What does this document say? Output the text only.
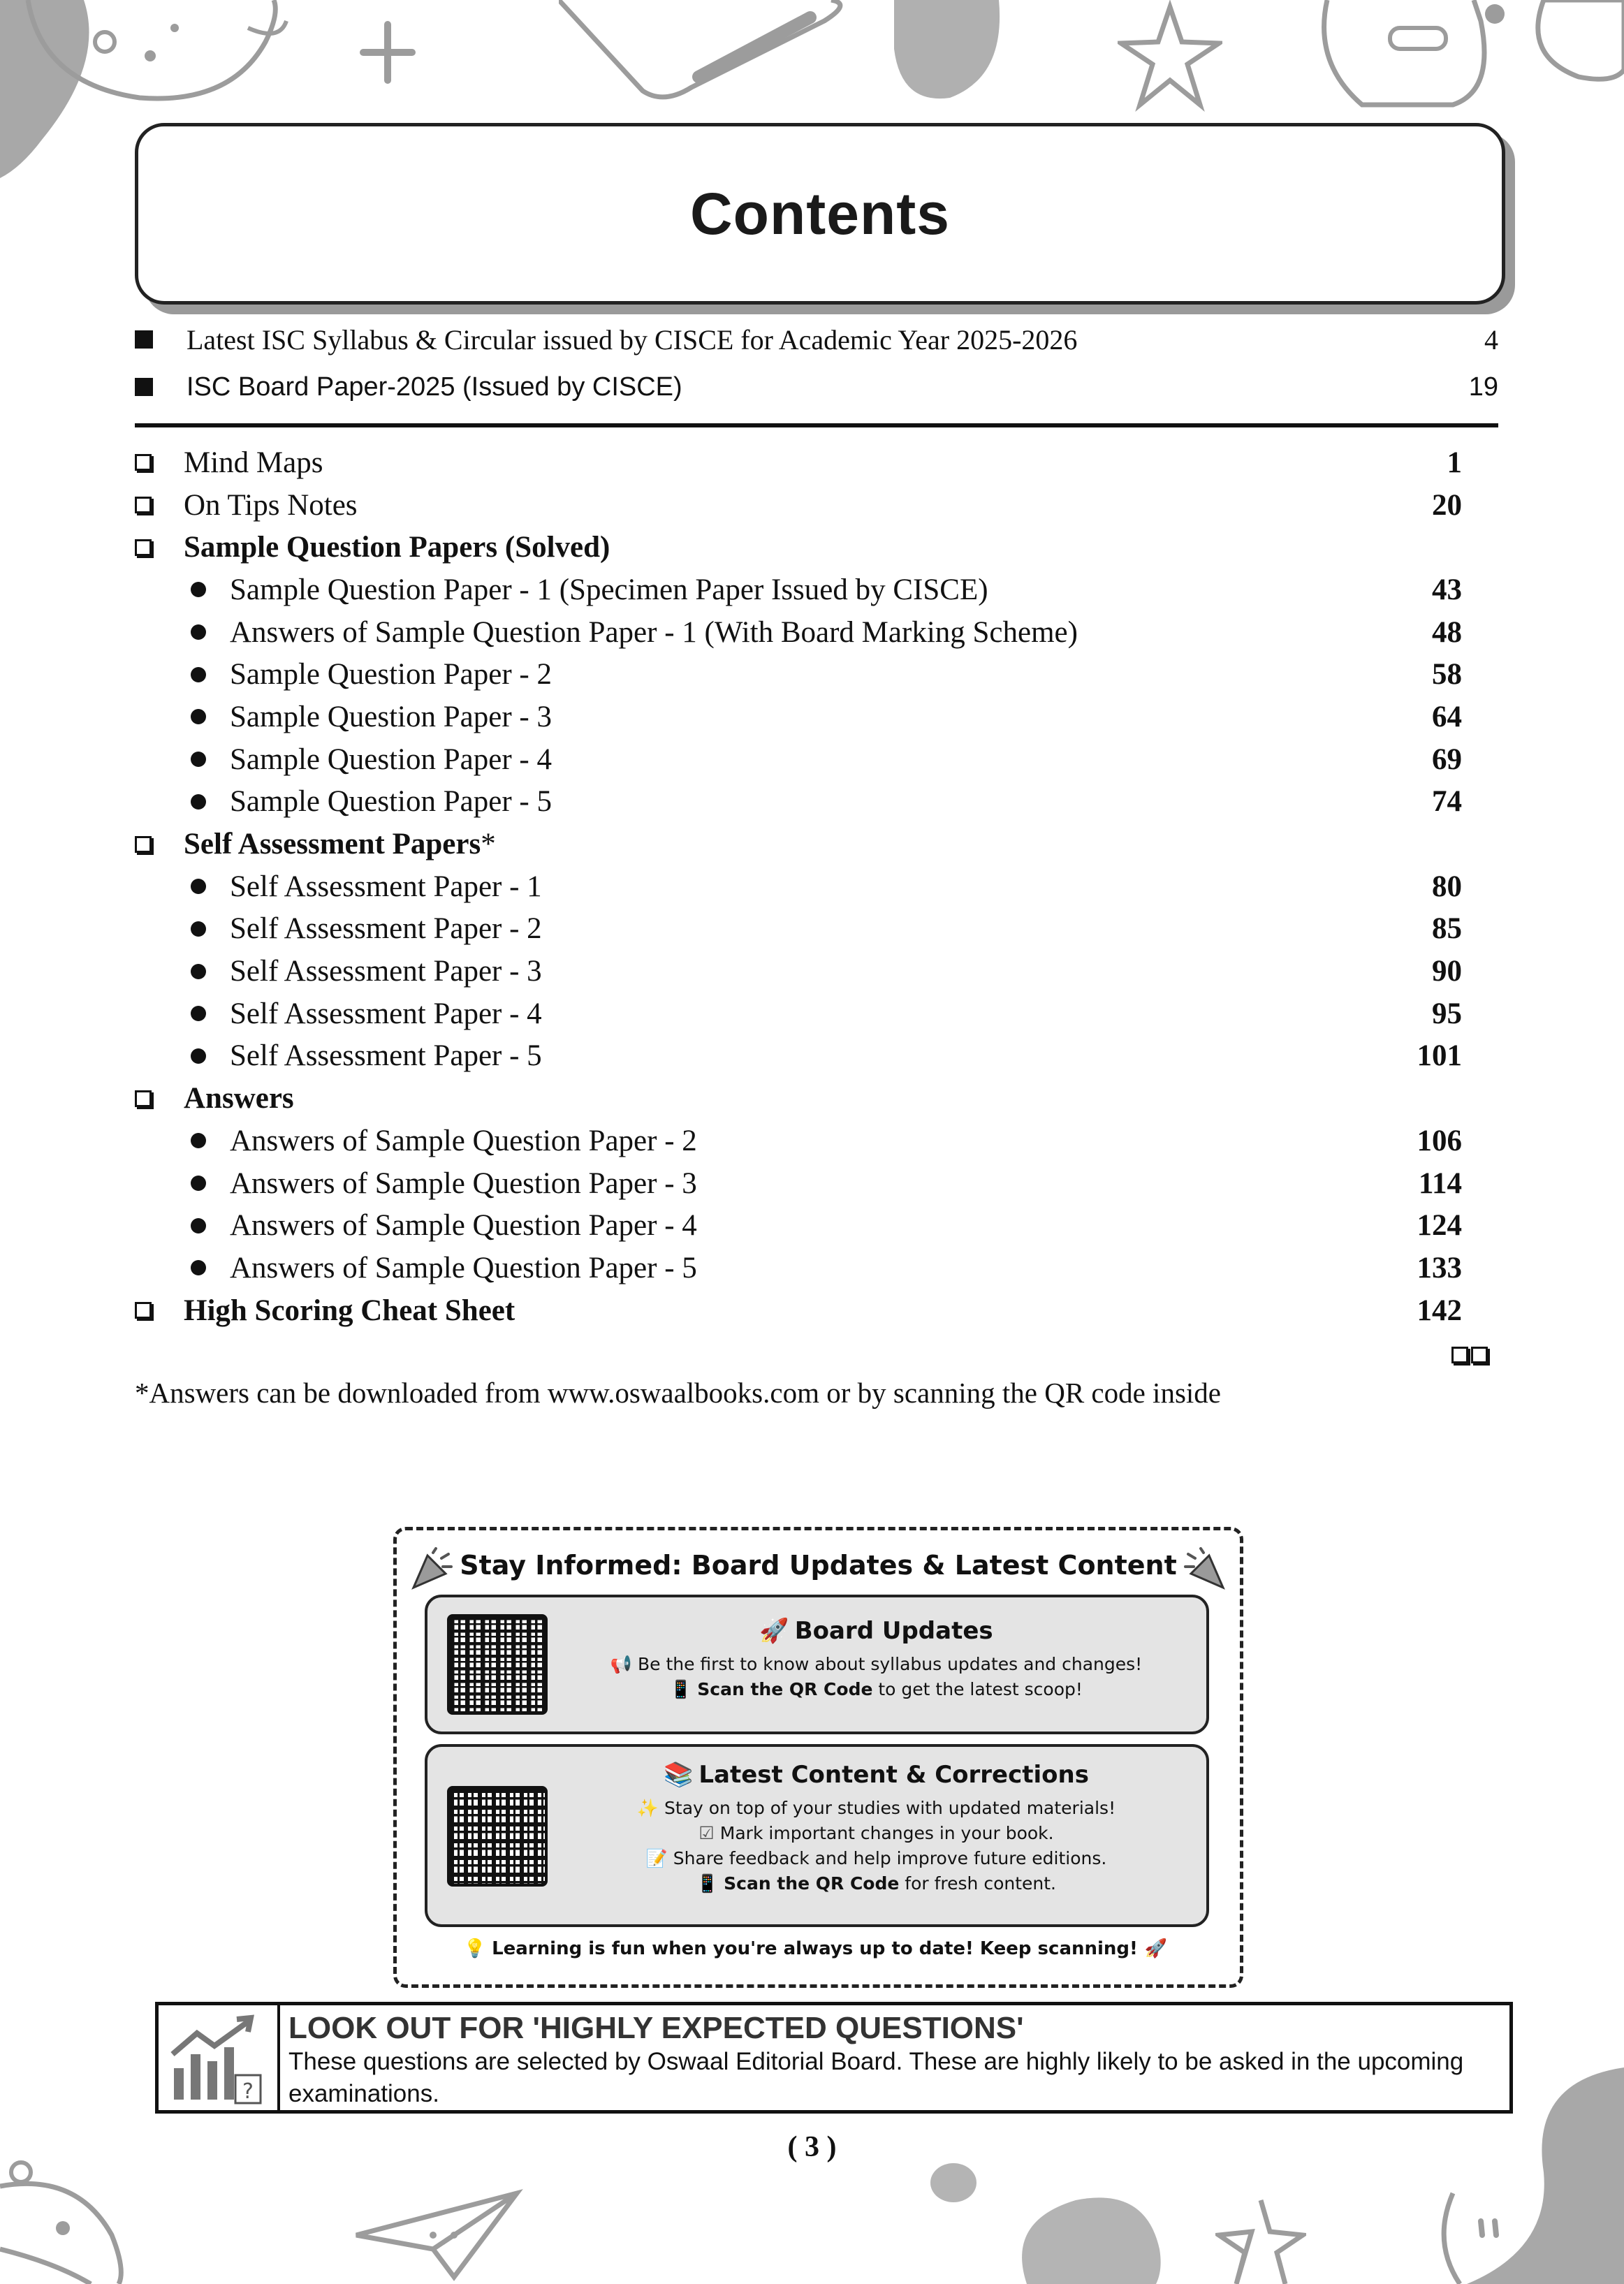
Contents
Latest ISC Syllabus & Circular issued by CISCE for Academic Year 2025-2026	4
ISC Board Paper-2025 (Issued by CISCE)	19
Mind Maps	1
On Tips Notes	20
Sample Question Papers (Solved)
Sample Question Paper - 1 (Specimen Paper Issued by CISCE)	43
Answers of Sample Question Paper - 1 (With Board Marking Scheme)	48
Sample Question Paper - 2	58
Sample Question Paper - 3	64
Sample Question Paper - 4	69
Sample Question Paper - 5	74
Self Assessment Papers*
Self Assessment Paper - 1	80
Self Assessment Paper - 2	85
Self Assessment Paper - 3	90
Self Assessment Paper - 4	95
Self Assessment Paper - 5	101
Answers
Answers of Sample Question Paper - 2	106
Answers of Sample Question Paper - 3	114
Answers of Sample Question Paper - 4	124
Answers of Sample Question Paper - 5	133
High Scoring Cheat Sheet	142
*Answers can be downloaded from www.oswaalbooks.com or by scanning the QR code inside
Stay Informed: Board Updates & Latest Content
🚀 Board Updates
📢 Be the first to know about syllabus updates and changes!
📱 Scan the QR Code to get the latest scoop!
📚 Latest Content & Corrections
✨ Stay on top of your studies with updated materials!
☑ Mark important changes in your book.
📝 Share feedback and help improve future editions.
📱 Scan the QR Code for fresh content.
💡 Learning is fun when you're always up to date! Keep scanning! 🚀
?
LOOK OUT FOR 'HIGHLY EXPECTED QUESTIONS'
These questions are selected by Oswaal Editorial Board. These are highly likely to be asked in the upcoming examinations.
( 3 )
